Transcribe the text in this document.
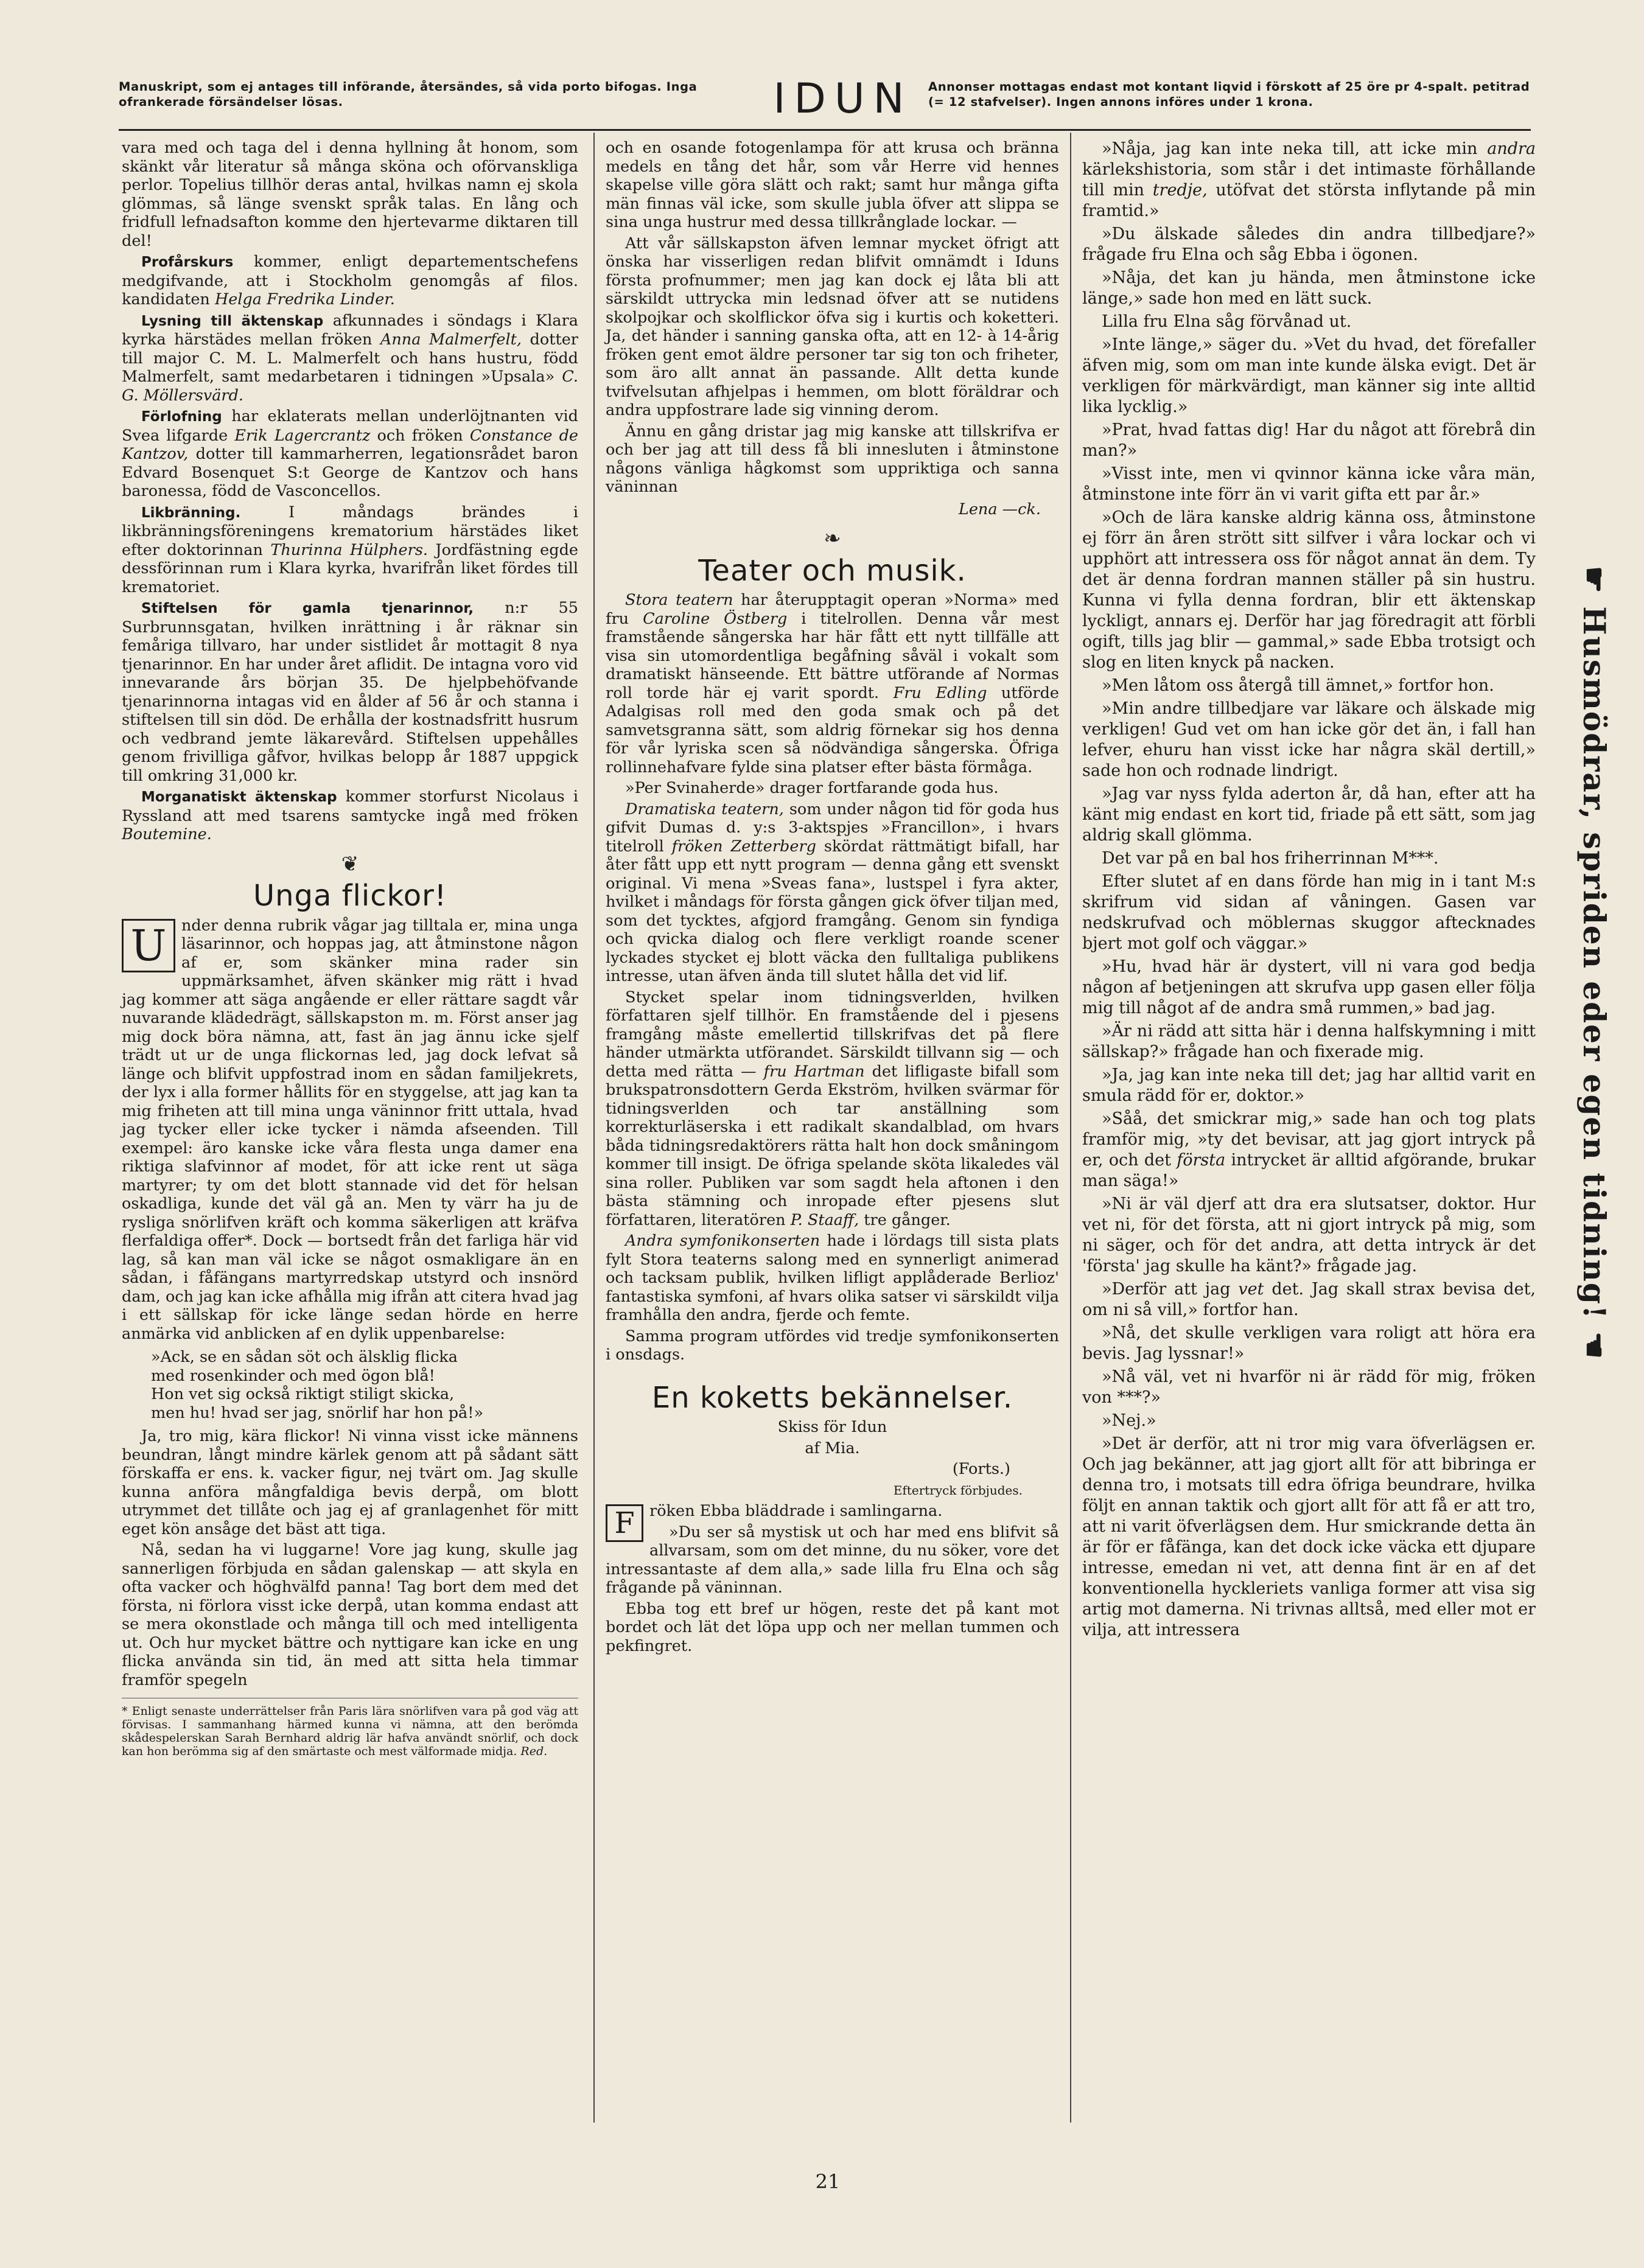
Manuskript, som ej antages till införande, återsändes, så vida porto bifogas. Inga ofrankerade försändelser lösas.	IDUN Annonser mottagas endast mot kontant liqvid i förskott af 25 öre pr 4-spalt. petitrad (= 12 stafvelser). Ingen annons införes under 1 krona.

vara med och taga del i denna hyllning åt honom, som skänkt vår literatur så många sköna och oförvanskliga perlor. Topelius tillhör deras antal, hvilkas namn ej skola glömmas, så länge svenskt språk talas. En lång och fridfull lefnadsafton komme den hjertevarme diktaren till del!

Profårskurs kommer, enligt departementschefens medgifvande, att i Stockholm genomgås af filos. kandidaten Helga Fredrika Linder.

Lysning till äktenskap afkunnades i söndags i Klara kyrka härstädes mellan fröken Anna Malmerfelt, dotter till major C. M. L. Malmerfelt och hans hustru, född Malmerfelt, samt medarbetaren i tidningen »Upsala» C. G. Möllersvärd.

Förlofning har eklaterats mellan underlöjtnanten vid Svea lifgarde Erik Lagercrantz och fröken Constance de Kantzov, dotter till kammarherren, legationsrådet baron Edvard Bosenquet S:t George de Kantzov och hans baronessa, född de Vasconcellos.

Likbränning. I måndags brändes i likbränningsföreningens krematorium härstädes liket efter doktorinnan Thurinna Hülphers. Jordfästning egde dessförinnan rum i Klara kyrka, hvarifrån liket fördes till krematoriet.

Stiftelsen för gamla tjenarinnor, n:r 55 Surbrunnsgatan, hvilken inrättning i år räknar sin femårigа tillvaro, har under sistlidet år mottagit 8 nya tjenarinnor. En har under året aflidit. De intagna voro vid innevarande års början 35. De hjelpbehöfvande tjenarinnorna intagas vid en ålder af 56 år och stanna i stiftelsen till sin död. De erhålla der kostnadsfritt husrum och vedbrand jemte läkarevård. Stiftelsen uppehålles genom frivilliga gåfvor, hvilkas belopp år 1887 uppgick till omkring 31,000 kr.

Morganatiskt äktenskap kommer storfurst Nicolaus i Ryssland att med tsarens samtycke ingå med fröken Boutemine.

❦
Unga flickor!

U nder denna rubrik vågar jag tilltala er, mina unga läsarinnor, och hoppas jag, att åtminstone någon af er, som skänker mina rader sin uppmärksamhet, äfven skänker mig rätt i hvad jag kommer att säga angående er eller rättare sagdt vår nuvarande klädedrägt, sällskapston m. m. Först anser jag mig dock böra nämna, att, fast än jag ännu icke sjelf trädt ut ur de unga flickornas led, jag dock lefvat så länge och blifvit uppfostrad inom en sådan familjekrets, der lyx i alla former hållits för en styggelse, att jag kan ta mig friheten att till mina unga väninnor fritt uttala, hvad jag tycker eller icke tycker i nämda afseenden. Till exempel: äro kanske icke våra flesta unga damer ena riktiga slafvinnor af modet, för att icke rent ut säga martyrer; ty om det blott stannade vid det för helsan oskadliga, kunde det väl gå an. Men ty värr ha ju de rysliga snörlifven kräft och komma säkerligen att kräfva flerfaldiga offer*. Dock — bortsedt från det farliga här vid lag, så kan man väl icke se något osmakligare än en sådan, i fåfängans martyrredskap utstyrd och insnörd dam, och jag kan icke afhålla mig ifrån att citera hvad jag i ett sällskap för icke länge sedan hörde en herre anmärka vid anblicken af en dylik uppenbarelse:

»Ack, se en sådan söt och älsklig flicka
med rosenkinder och med ögon blå!
Hon vet sig också riktigt stiligt skicka,
men hu! hvad ser jag, snörlif har hon på!»

Ja, tro mig, kära flickor! Ni vinna visst icke männens beundran, långt mindre kärlek genom att på sådant sätt förskaffa er ens. k. vacker figur, nej tvärt om. Jag skulle kunna anföra mångfaldiga bevis derpå, om blott utrymmet det tillåte och jag ej af granlagenhet för mitt eget kön ansåge det bäst att tiga.

Nå, sedan ha vi luggarne! Vore jag kung, skulle jag sannerligen förbjuda en sådan galenskap — att skyla en ofta vacker och höghvälfd panna! Tag bort dem med det första, ni förlora visst icke derpå, utan komma endast att se mera okonstlade och många till och med intelligenta ut. Och hur mycket bättre och nyttigare kan icke en ung flicka använda sin tid, än med att sitta hela timmar framför spegeln

* Enligt senaste underrättelser från Paris lära snörlifven vara på god väg att förvisas. I sammanhang härmed kunna vi nämna, att den berömda skådespelerskan Sarah Bernhard aldrig lär hafva användt snörlif, och dock kan hon berömma sig af den smärtaste och mest välformade midja. Red.

och en osande fotogenlampa för att krusa och bränna medels en tång det hår, som vår Herre vid hennes skapelse ville göra slätt och rakt; samt hur många gifta män finnas väl icke, som skulle jubla öfver att slippa se sina unga hustrur med dessa tillkrånglade lockar. —

Att vår sällskapston äfven lemnar mycket öfrigt att önska har visserligen redan blifvit omnämdt i Iduns första profnummer; men jag kan dock ej låta bli att särskildt uttrycka min ledsnad öfver att se nutidens skolpojkar och skolflickor öfva sig i kurtis och koketteri. Ja, det händer i sanning ganska ofta, att en 12- à 14-årig fröken gent emot äldre personer tar sig ton och friheter, som äro allt annat än passande. Allt detta kunde tvifvelsutan afhjelpas i hemmen, om blott föräldrar och andra uppfostrare lade sig vinning derom.

Ännu en gång dristar jag mig kanske att tillskrifva er och ber jag att till dess få bli innesluten i åtminstone någons vänliga hågkomst som uppriktiga och sanna väninnan

Lena —ck.
❧
Teater och musik.

Stora teatern har återupptagit operan »Norma» med fru Caroline Östberg i titelrollen. Denna vår mest framstående sångerska har här fått ett nytt tillfälle att visa sin utomordentliga begåfning såväl i vokalt som dramatiskt hänseende. Ett bättre utförande af Normas roll torde här ej varit spordt. Fru Edling utförde Adalgisas roll med den goda smak och på det samvetsgranna sätt, som aldrig förnekar sig hos denna för vår lyriska scen så nödvändiga sångerska. Öfriga rollinnehafvare fylde sina platser efter bästa förmåga.

»Per Svinaherde» drager fortfarande goda hus.

Dramatiska teatern, som under någon tid för goda hus gifvit Dumas d. y:s 3-aktspjes »Francillon», i hvars titelroll fröken Zetterberg skördat rättmätigt bifall, har åter fått upp ett nytt program — denna gång ett svenskt original. Vi mena »Sveas fana», lustspel i fyra akter, hvilket i måndags för första gången gick öfver tiljan med, som det tycktes, afgjord framgång. Genom sin fyndiga och qvicka dialog och flere verkligt roande scener lyckades stycket ej blott väcka den fulltaliga publikens intresse, utan äfven ända till slutet hålla det vid lif.

Stycket spelar inom tidningsverlden, hvilken författaren sjelf tillhör. En framstående del i pjesens framgång måste emellertid tillskrifvas det på flere händer utmärkta utförandet. Särskildt tillvann sig — och detta med rätta — fru Hartman det lifligaste bifall som brukspatronsdottern Gerda Ekström, hvilken svärmar för tidningsverlden och tar anställning som korrekturläserska i ett radikalt skandalblad, om hvars båda tidningsredaktörers rätta halt hon dock småningom kommer till insigt. De öfriga spelande sköta likaledes väl sina roller. Publiken var som sagdt hela aftonen i den bästa stämning och inropade efter pjesens slut författaren, literatören P. Staaff, tre gånger.

Andra symfonikonserten hade i lördags till sista plats fylt Stora teaterns salong med en synnerligt animerad och tacksam publik, hvilken lifligt applåderade Berlioz' fantastiska symfoni, af hvars olika satser vi särskildt vilja framhålla den andra, fjerde och femte.

Samma program utfördes vid tredje symfonikonserten i onsdags.

En koketts bekännelser.

Skiss för Idun

af Mia.

(Forts.)

Eftertryck förbjudes.

F röken Ebba bläddrade i samlingarna.

»Du ser så mystisk ut och har med ens blifvit så allvarsam, som om det minne, du nu söker, vore det intressantaste af dem alla,» sade lilla fru Elna och såg frågande på väninnan.

Ebba tog ett bref ur högen, reste det på kant mot bordet och lät det löpa upp och ner mellan tummen och pekfingret.

»Nåja, jag kan inte neka till, att icke min andra kärlekshistoria, som står i det intimaste förhållande till min tredje, utöfvat det största inflytande på min framtid.»

»Du älskade således din andra tillbedjare?» frågade fru Elna och såg Ebba i ögonen.

»Nåja, det kan ju hända, men åtminstone icke länge,» sade hon med en lätt suck.

Lilla fru Elna såg förvånad ut.

»Inte länge,» säger du. »Vet du hvad, det förefaller äfven mig, som om man inte kunde älska evigt. Det är verkligen för märkvärdigt, man känner sig inte alltid lika lycklig.»

»Prat, hvad fattas dig! Har du något att förebrå din man?»

»Visst inte, men vi qvinnor känna icke våra män, åtminstone inte förr än vi varit gifta ett par år.»

»Och de lära kanske aldrig känna oss, åtminstone ej förr än åren strött sitt silfver i våra lockar och vi upphört att intressera oss för något annat än dem. Ty det är denna fordran mannen ställer på sin hustru. Kunna vi fylla denna fordran, blir ett äktenskap lyckligt, annars ej. Derför har jag föredragit att förbli ogift, tills jag blir — gammal,» sade Ebba trotsigt och slog en liten knyck på nacken.

»Men låtom oss återgå till ämnet,» fortfor hon.

»Min andre tillbedjare var läkare och älskade mig verkligen! Gud vet om han icke gör det än, i fall han lefver, ehuru han visst icke har några skäl dertill,» sade hon och rodnade lindrigt.

»Jag var nyss fylda aderton år, då han, efter att ha känt mig endast en kort tid, friade på ett sätt, som jag aldrig skall glömma.

Det var på en bal hos friherrinnan M***.

Efter slutet af en dans förde han mig in i tant M:s skrifrum vid sidan af våningen. Gasen var nedskrufvad och möblernas skuggor aftecknades bjert mot golf och väggar.»

»Hu, hvad här är dystert, vill ni vara god bedja någon af betjeningen att skrufva upp gasen eller följa mig till något af de andra små rummen,» bad jag.

»Är ni rädd att sitta här i denna halfskymning i mitt sällskap?» frågade han och fixerade mig.

»Ja, jag kan inte neka till det; jag har alltid varit en smula rädd för er, doktor.»

»Såå, det smickrar mig,» sade han och tog plats framför mig, »ty det bevisar, att jag gjort intryck på er, och det första intrycket är alltid afgörande, brukar man säga!»

»Ni är väl djerf att dra era slutsatser, doktor. Hur vet ni, för det första, att ni gjort intryck på mig, som ni säger, och för det andra, att detta intryck är det 'första' jag skulle ha känt?» frågade jag.

»Derför att jag vet det. Jag skall strax bevisa det, om ni så vill,» fortfor han.

»Nå, det skulle verkligen vara roligt att höra era bevis. Jag lyssnar!»

»Nå väl, vet ni hvarför ni är rädd för mig, fröken von ***?»

»Nej.»

»Det är derför, att ni tror mig vara öfverlägsen er. Och jag bekänner, att jag gjort allt för att bibringa er denna tro, i motsats till edra öfriga beundrare, hvilka följt en annan taktik och gjort allt för att få er att tro, att ni varit öfverlägsen dem. Hur smickrande detta än är för er fåfänga, kan det dock icke väcka ett djupare intresse, emedan ni vet, att denna fint är en af det konventionella hyckleriets vanliga former att visa sig artig mot damerna. Ni trivnas alltså, med eller mot er vilja, att intressera

☛ Husmödrar, spriden eder egen tidning! ☚
21
